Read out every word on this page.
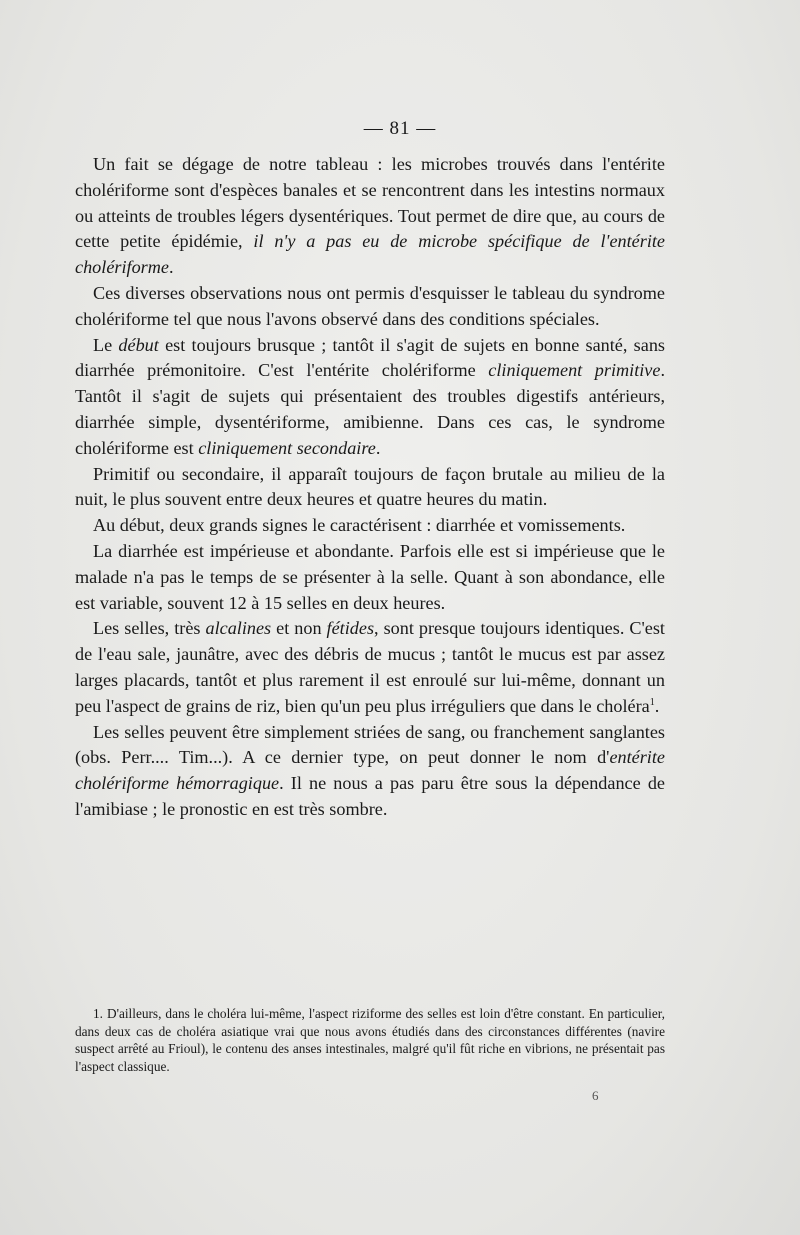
— 81 —

Un fait se dégage de notre tableau : les microbes trouvés dans l'entérite cholériforme sont d'espèces banales et se rencontrent dans les intestins normaux ou atteints de troubles légers dysentériques. Tout permet de dire que, au cours de cette petite épidémie, il n'y a pas eu de microbe spécifique de l'entérite cholériforme.

Ces diverses observations nous ont permis d'esquisser le tableau du syndrome cholériforme tel que nous l'avons observé dans des conditions spéciales.

Le début est toujours brusque ; tantôt il s'agit de sujets en bonne santé, sans diarrhée prémonitoire. C'est l'entérite cholériforme cliniquement primitive. Tantôt il s'agit de sujets qui présentaient des troubles digestifs antérieurs, diarrhée simple, dysentériforme, amibienne. Dans ces cas, le syndrome cholériforme est cliniquement secondaire.

Primitif ou secondaire, il apparaît toujours de façon brutale au milieu de la nuit, le plus souvent entre deux heures et quatre heures du matin.

Au début, deux grands signes le caractérisent : diarrhée et vomissements.

La diarrhée est impérieuse et abondante. Parfois elle est si impérieuse que le malade n'a pas le temps de se présenter à la selle. Quant à son abondance, elle est variable, souvent 12 à 15 selles en deux heures.

Les selles, très alcalines et non fétides, sont presque toujours identiques. C'est de l'eau sale, jaunâtre, avec des débris de mucus ; tantôt le mucus est par assez larges placards, tantôt et plus rarement il est enroulé sur lui-même, donnant un peu l'aspect de grains de riz, bien qu'un peu plus irréguliers que dans le choléra$^1$.

Les selles peuvent être simplement striées de sang, ou franchement sanglantes (obs. Perr.... Tim...). A ce dernier type, on peut donner le nom d'entérite cholériforme hémorragique. Il ne nous a pas paru être sous la dépendance de l'amibiase ; le pronostic en est très sombre.

1. D'ailleurs, dans le choléra lui-même, l'aspect riziforme des selles est loin d'être constant. En particulier, dans deux cas de choléra asiatique vrai que nous avons étudiés dans des circonstances différentes (navire suspect arrêté au Frioul), le contenu des anses intestinales, malgré qu'il fût riche en vibrions, ne présentait pas l'aspect classique.

6
